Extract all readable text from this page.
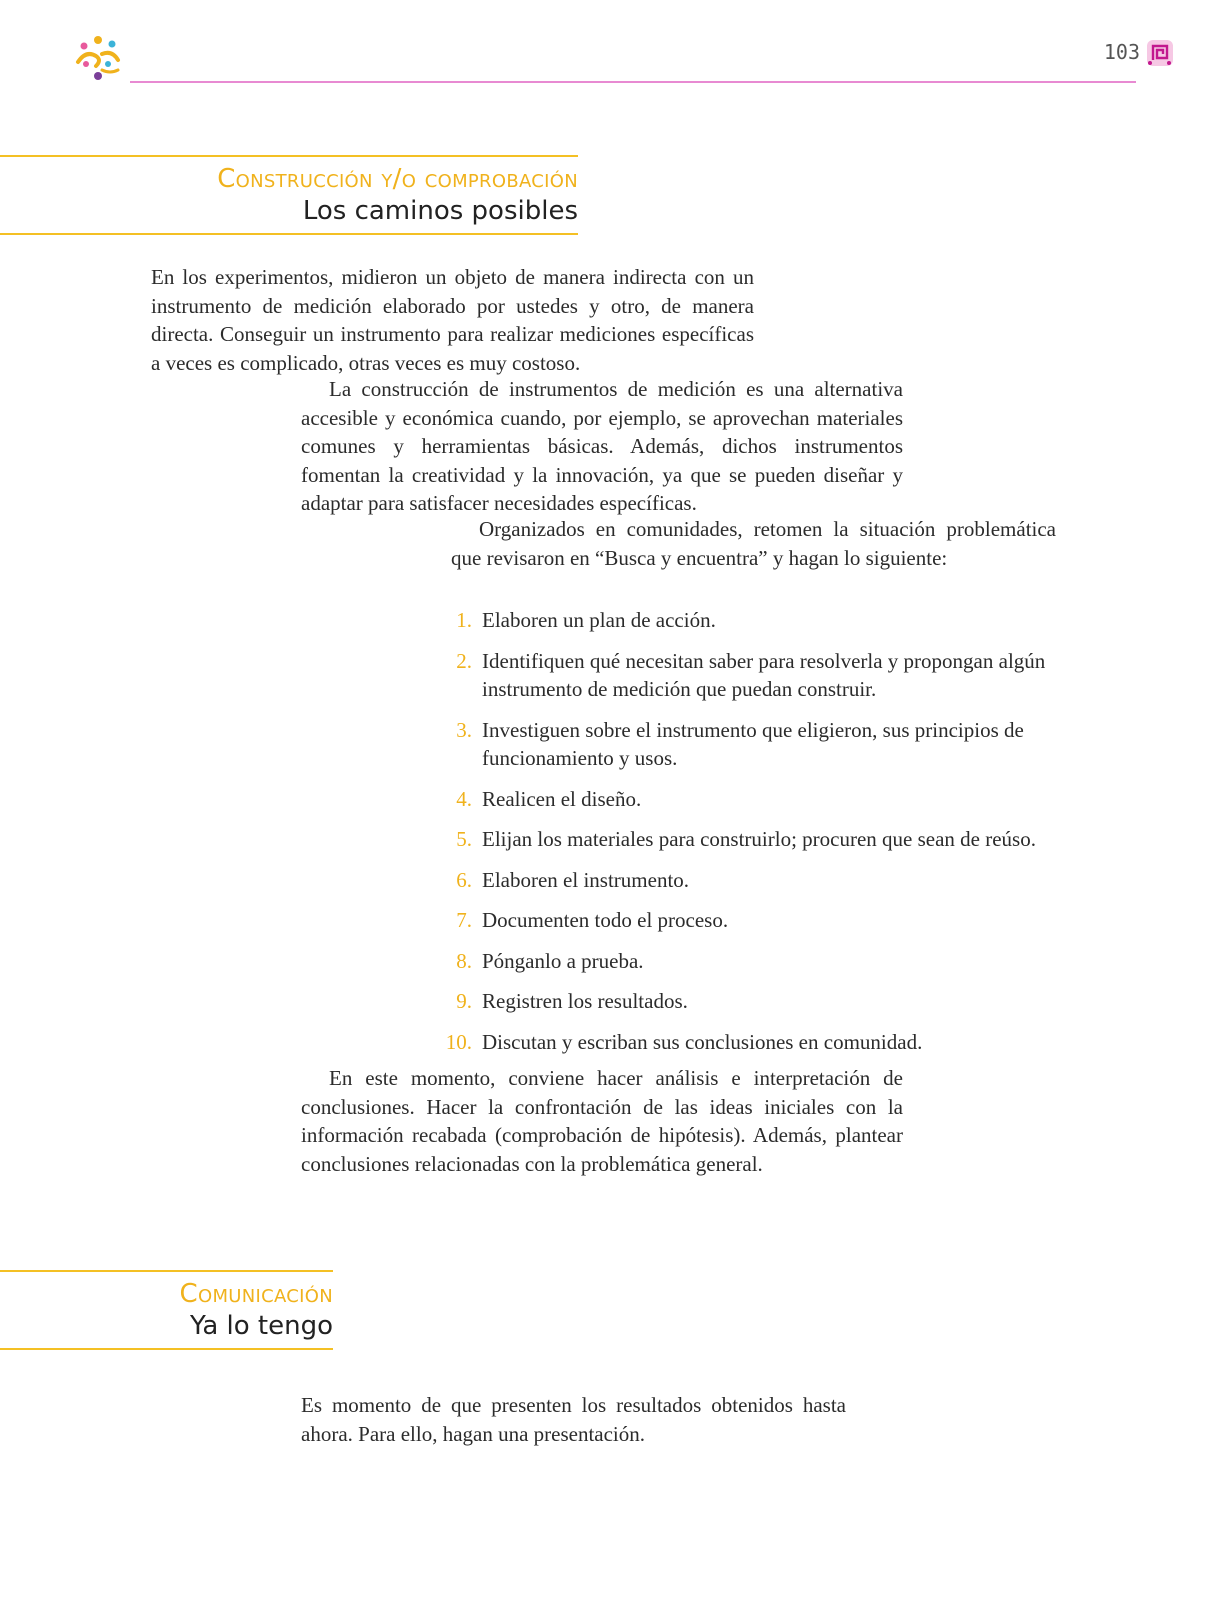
103
Construcción y/o comprobación
Los caminos posibles

En los experimentos, midieron un objeto de manera indirecta con un instrumento de medición elaborado por ustedes y otro, de manera directa. Conseguir un instrumento para realizar mediciones específicas a veces es complicado, otras veces es muy costoso.

La construcción de instrumentos de medición es una alternativa accesible y económica cuando, por ejemplo, se aprovechan materiales comunes y herramientas básicas. Además, dichos instrumentos fomentan la creatividad y la innovación, ya que se pueden diseñar y adaptar para satisfacer necesidades específicas.

Organizados en comunidades, retomen la situación problemática que revisaron en “Busca y encuentra” y hagan lo siguiente:

1. Elaboren un plan de acción.
2. Identifiquen qué necesitan saber para resolverla y propongan algún instrumento de medición que puedan construir.
3. Investiguen sobre el instrumento que eligieron, sus principios de funcionamiento y usos.
4. Realicen el diseño.
5. Elijan los materiales para construirlo; procuren que sean de reúso.
6. Elaboren el instrumento.
7. Documenten todo el proceso.
8. Pónganlo a prueba.
9. Registren los resultados.
10. Discutan y escriban sus conclusiones en comunidad.

En este momento, conviene hacer análisis e interpretación de conclusiones. Hacer la confrontación de las ideas iniciales con la información recabada (comprobación de hipótesis). Además, plantear conclusiones relacionadas con la problemática general.

Comunicación
Ya lo tengo

Es momento de que presenten los resultados obtenidos hasta ahora. Para ello, hagan una presentación.
